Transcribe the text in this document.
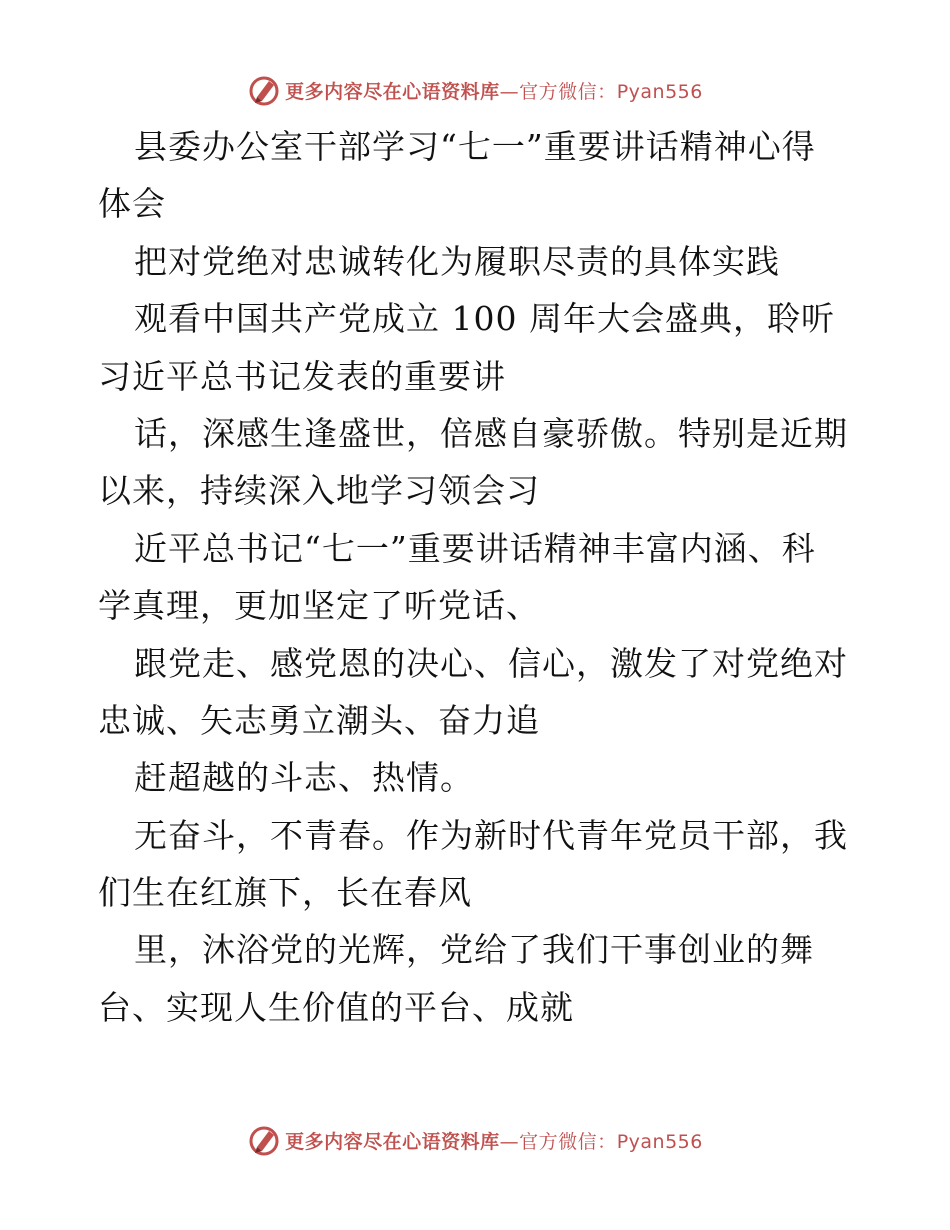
更多内容尽在心语资料库—官方微信：Pyan556
县委办公室干部学习“七一”重要讲话精神心得
体会
把对党绝对忠诚转化为履职尽责的具体实践
观看中国共产党成立 100 周年大会盛典，聆听
习近平总书记发表的重要讲
话，深感生逢盛世，倍感自豪骄傲。特别是近期
以来，持续深入地学习领会习
近平总书记“七一”重要讲话精神丰富内涵、科
学真理，更加坚定了听党话、
跟党走、感党恩的决心、信心，激发了对党绝对
忠诚、矢志勇立潮头、奋力追
赶超越的斗志、热情。
无奋斗，不青春。作为新时代青年党员干部，我
们生在红旗下，长在春风
里，沐浴党的光辉，党给了我们干事创业的舞
台、实现人生价值的平台、成就
更多内容尽在心语资料库—官方微信：Pyan556
